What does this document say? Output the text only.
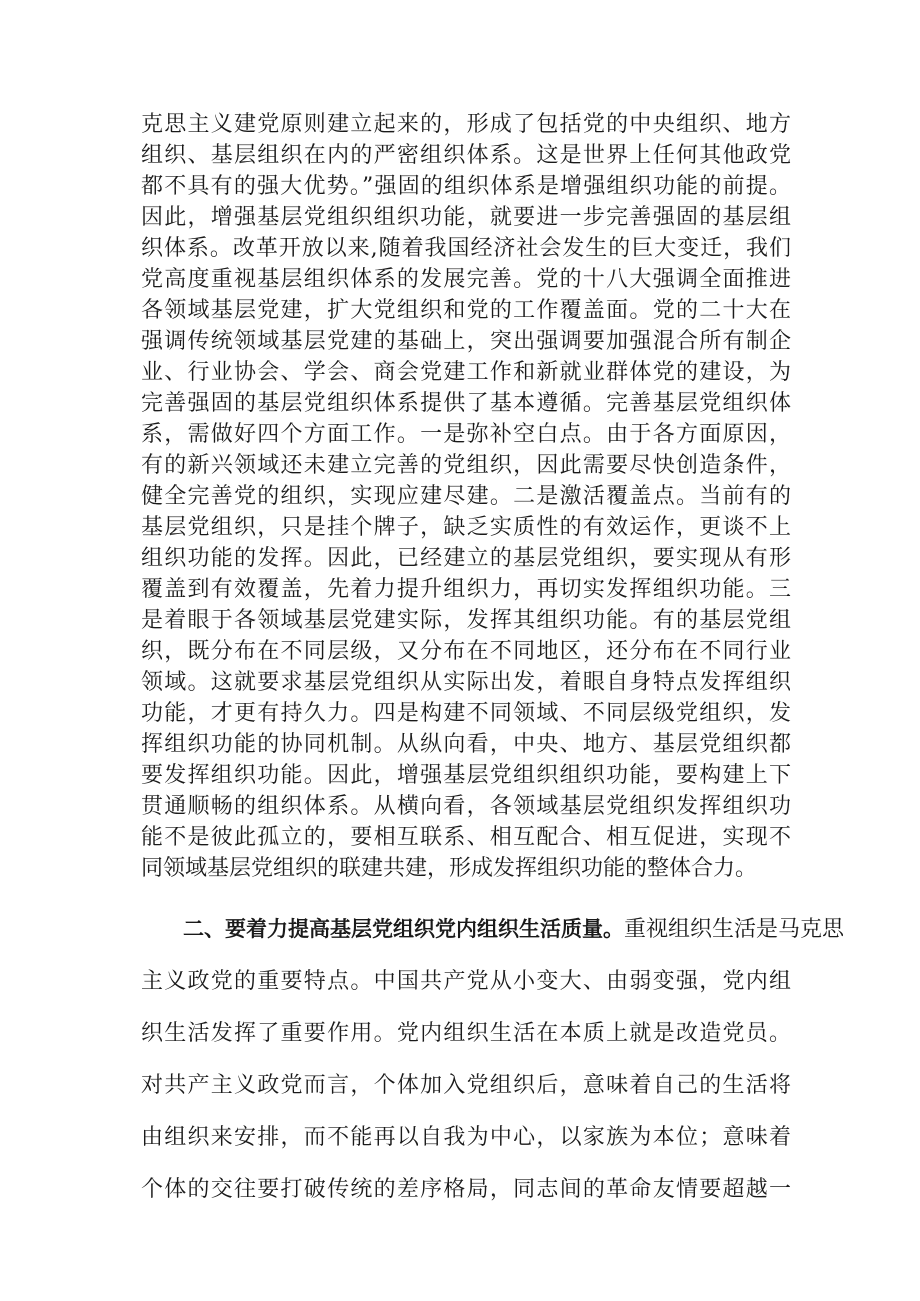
克思主义建党原则建立起来的，形成了包括党的中央组织、地方
组织、基层组织在内的严密组织体系。这是世界上任何其他政党
都不具有的强大优势。”强固的组织体系是增强组织功能的前提。
因此，增强基层党组织组织功能，就要进一步完善强固的基层组
织体系。改革开放以来,随着我国经济社会发生的巨大变迁，我们
党高度重视基层组织体系的发展完善。党的十八大强调全面推进
各领域基层党建，扩大党组织和党的工作覆盖面。党的二十大在
强调传统领域基层党建的基础上，突出强调要加强混合所有制企
业、行业协会、学会、商会党建工作和新就业群体党的建设，为
完善强固的基层党组织体系提供了基本遵循。完善基层党组织体
系，需做好四个方面工作。一是弥补空白点。由于各方面原因，
有的新兴领域还未建立完善的党组织，因此需要尽快创造条件，
健全完善党的组织，实现应建尽建。二是激活覆盖点。当前有的
基层党组织，只是挂个牌子，缺乏实质性的有效运作，更谈不上
组织功能的发挥。因此，已经建立的基层党组织，要实现从有形
覆盖到有效覆盖，先着力提升组织力，再切实发挥组织功能。三
是着眼于各领域基层党建实际，发挥其组织功能。有的基层党组
织，既分布在不同层级，又分布在不同地区，还分布在不同行业
领域。这就要求基层党组织从实际出发，着眼自身特点发挥组织
功能，才更有持久力。四是构建不同领域、不同层级党组织，发
挥组织功能的协同机制。从纵向看，中央、地方、基层党组织都
要发挥组织功能。因此，增强基层党组织组织功能，要构建上下
贯通顺畅的组织体系。从横向看，各领域基层党组织发挥组织功
能不是彼此孤立的，要相互联系、相互配合、相互促进，实现不
同领域基层党组织的联建共建，形成发挥组织功能的整体合力。
二、要着力提高基层党组织党内组织生活质量。重视组织生活是马克思
主义政党的重要特点。中国共产党从小变大、由弱变强，党内组
织生活发挥了重要作用。党内组织生活在本质上就是改造党员。
对共产主义政党而言，个体加入党组织后，意味着自己的生活将
由组织来安排，而不能再以自我为中心，以家族为本位；意味着
个体的交往要打破传统的差序格局，同志间的革命友情要超越一
